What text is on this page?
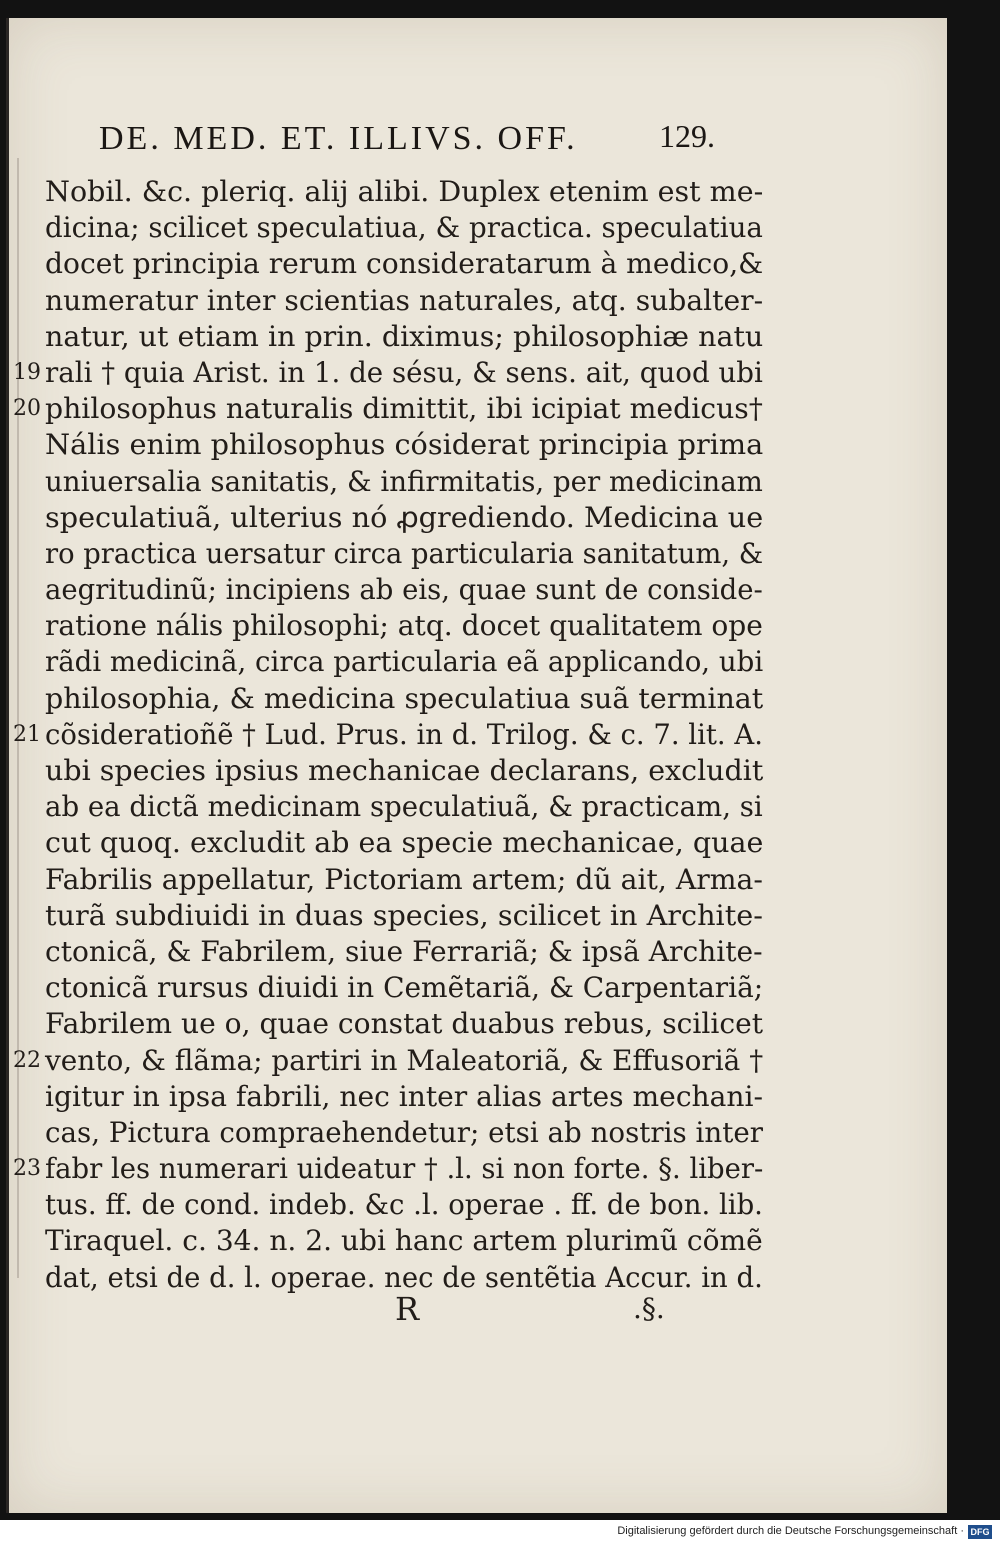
DE. MED. ET. ILLIVS. OFF.	129.
Nobil. &c. pleriq. alij alibi. Duplex etenim est me-
dicina; scilicet speculatiua, & practica. speculatiua
docet principia rerum consideratarum à medico,&
numeratur inter scientias naturales, atq. subalter-
natur, ut etiam in prin. diximus; philosophiæ natu
19 rali † quia Arist. in 1. de sésu, & sens. ait, quod ubi
20 philosophus naturalis dimittit, ibi icipiat medicus†
Nális enim philosophus cósiderat principia prima
uniuersalia sanitatis, & infirmitatis, per medicinam
speculatiuã, ulterius nó ꝓgrediendo. Medicina ue
ro practica uersatur circa particularia sanitatum, &
aegritudinũ; incipiens ab eis, quae sunt de conside-
ratione nális philosophi; atq. docet qualitatem ope
rãdi medicinã, circa particularia eã applicando, ubi
philosophia, & medicina speculatiua suã terminat
21 cõsideratioñẽ † Lud. Prus. in d. Trilog. & c. 7. lit. A.
ubi species ipsius mechanicae declarans, excludit
ab ea dictã medicinam speculatiuã, & practicam, si
cut quoq. excludit ab ea specie mechanicae, quae
Fabrilis appellatur, Pictoriam artem; dũ ait, Arma-
turã subdiuidi in duas species, scilicet in Archite-
ctonicã, & Fabrilem, siue Ferrariã; & ipsã Archite-
ctonicã rursus diuidi in Cemẽtariã, & Carpentariã;
Fabrilem ue o, quae constat duabus rebus, scilicet
22 vento, & flãma; partiri in Maleatoriã, & Effusoriã †
igitur in ipsa fabrili, nec inter alias artes mechani-
cas, Pictura compraehendetur; etsi ab nostris inter
23 fabr les numerari uideatur † .l. si non forte. §. liber-
tus. ff. de cond. indeb. &c .l. operae . ff. de bon. lib.
Tiraquel. c. 34. n. 2. ubi hanc artem plurimũ cõmẽ
dat, etsi de d. l. operae. nec de sentẽtia Accur. in d.
R	.§.
Digitalisierung gefördert durch die Deutsche Forschungsgemeinschaft · DFG
